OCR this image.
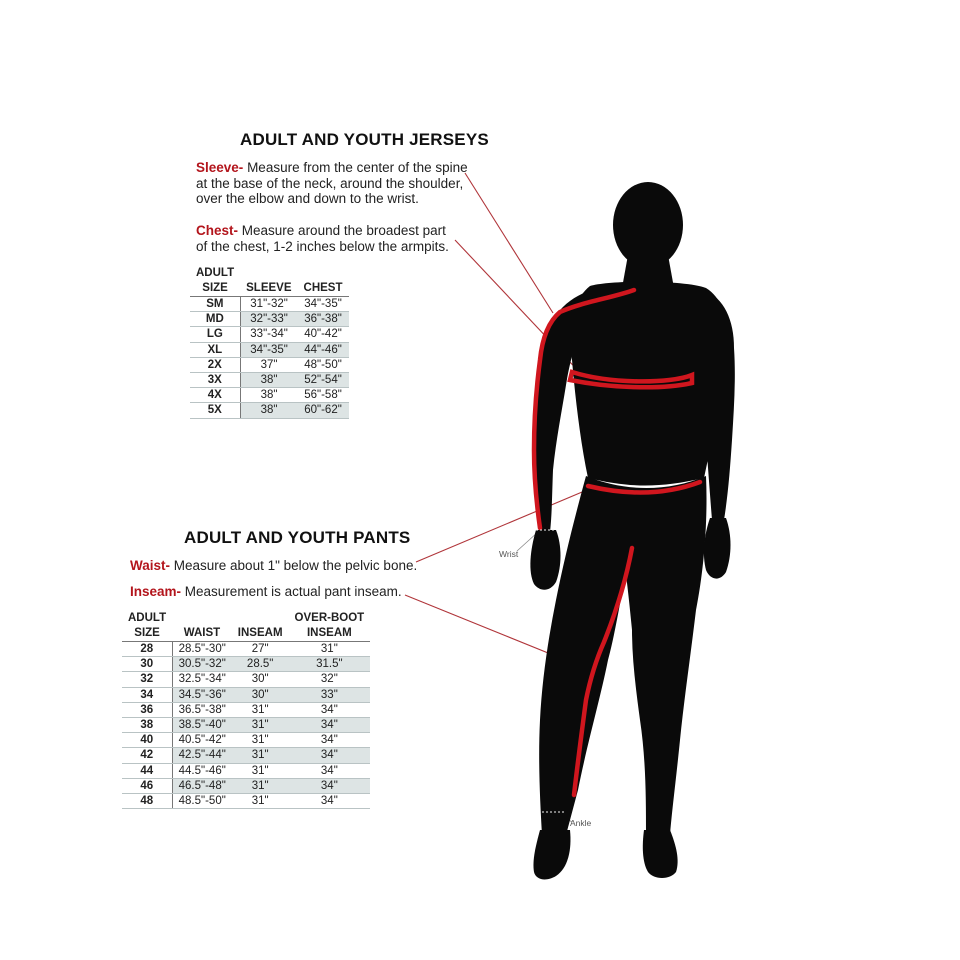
Wrist
Ankle
ADULT AND YOUTH JERSEYS
Sleeve- Measure from the center of the spine
at the base of the neck, around the shoulder,
over the elbow and down to the wrist.
Chest- Measure around the broadest part
of the chest, 1-2 inches below the armpits.
ADULT		
SIZE	SLEEVE	CHEST
SM	31"-32"	34"-35"
MD	32"-33"	36"-38"
LG	33"-34"	40"-42"
XL	34"-35"	44"-46"
2X	37"	48"-50"
3X	38"	52"-54"
4X	38"	56"-58"
5X	38"	60"-62"
ADULT AND YOUTH PANTS
Waist- Measure about 1" below the pelvic bone.
Inseam- Measurement is actual pant inseam.
ADULT			OVER-BOOT
SIZE	WAIST	INSEAM	INSEAM
28	28.5"-30"	27"	31"
30	30.5"-32"	28.5"	31.5"
32	32.5"-34"	30"	32"
34	34.5"-36"	30"	33"
36	36.5"-38"	31"	34"
38	38.5"-40"	31"	34"
40	40.5"-42"	31"	34"
42	42.5"-44"	31"	34"
44	44.5"-46"	31"	34"
46	46.5"-48"	31"	34"
48	48.5"-50"	31"	34"
